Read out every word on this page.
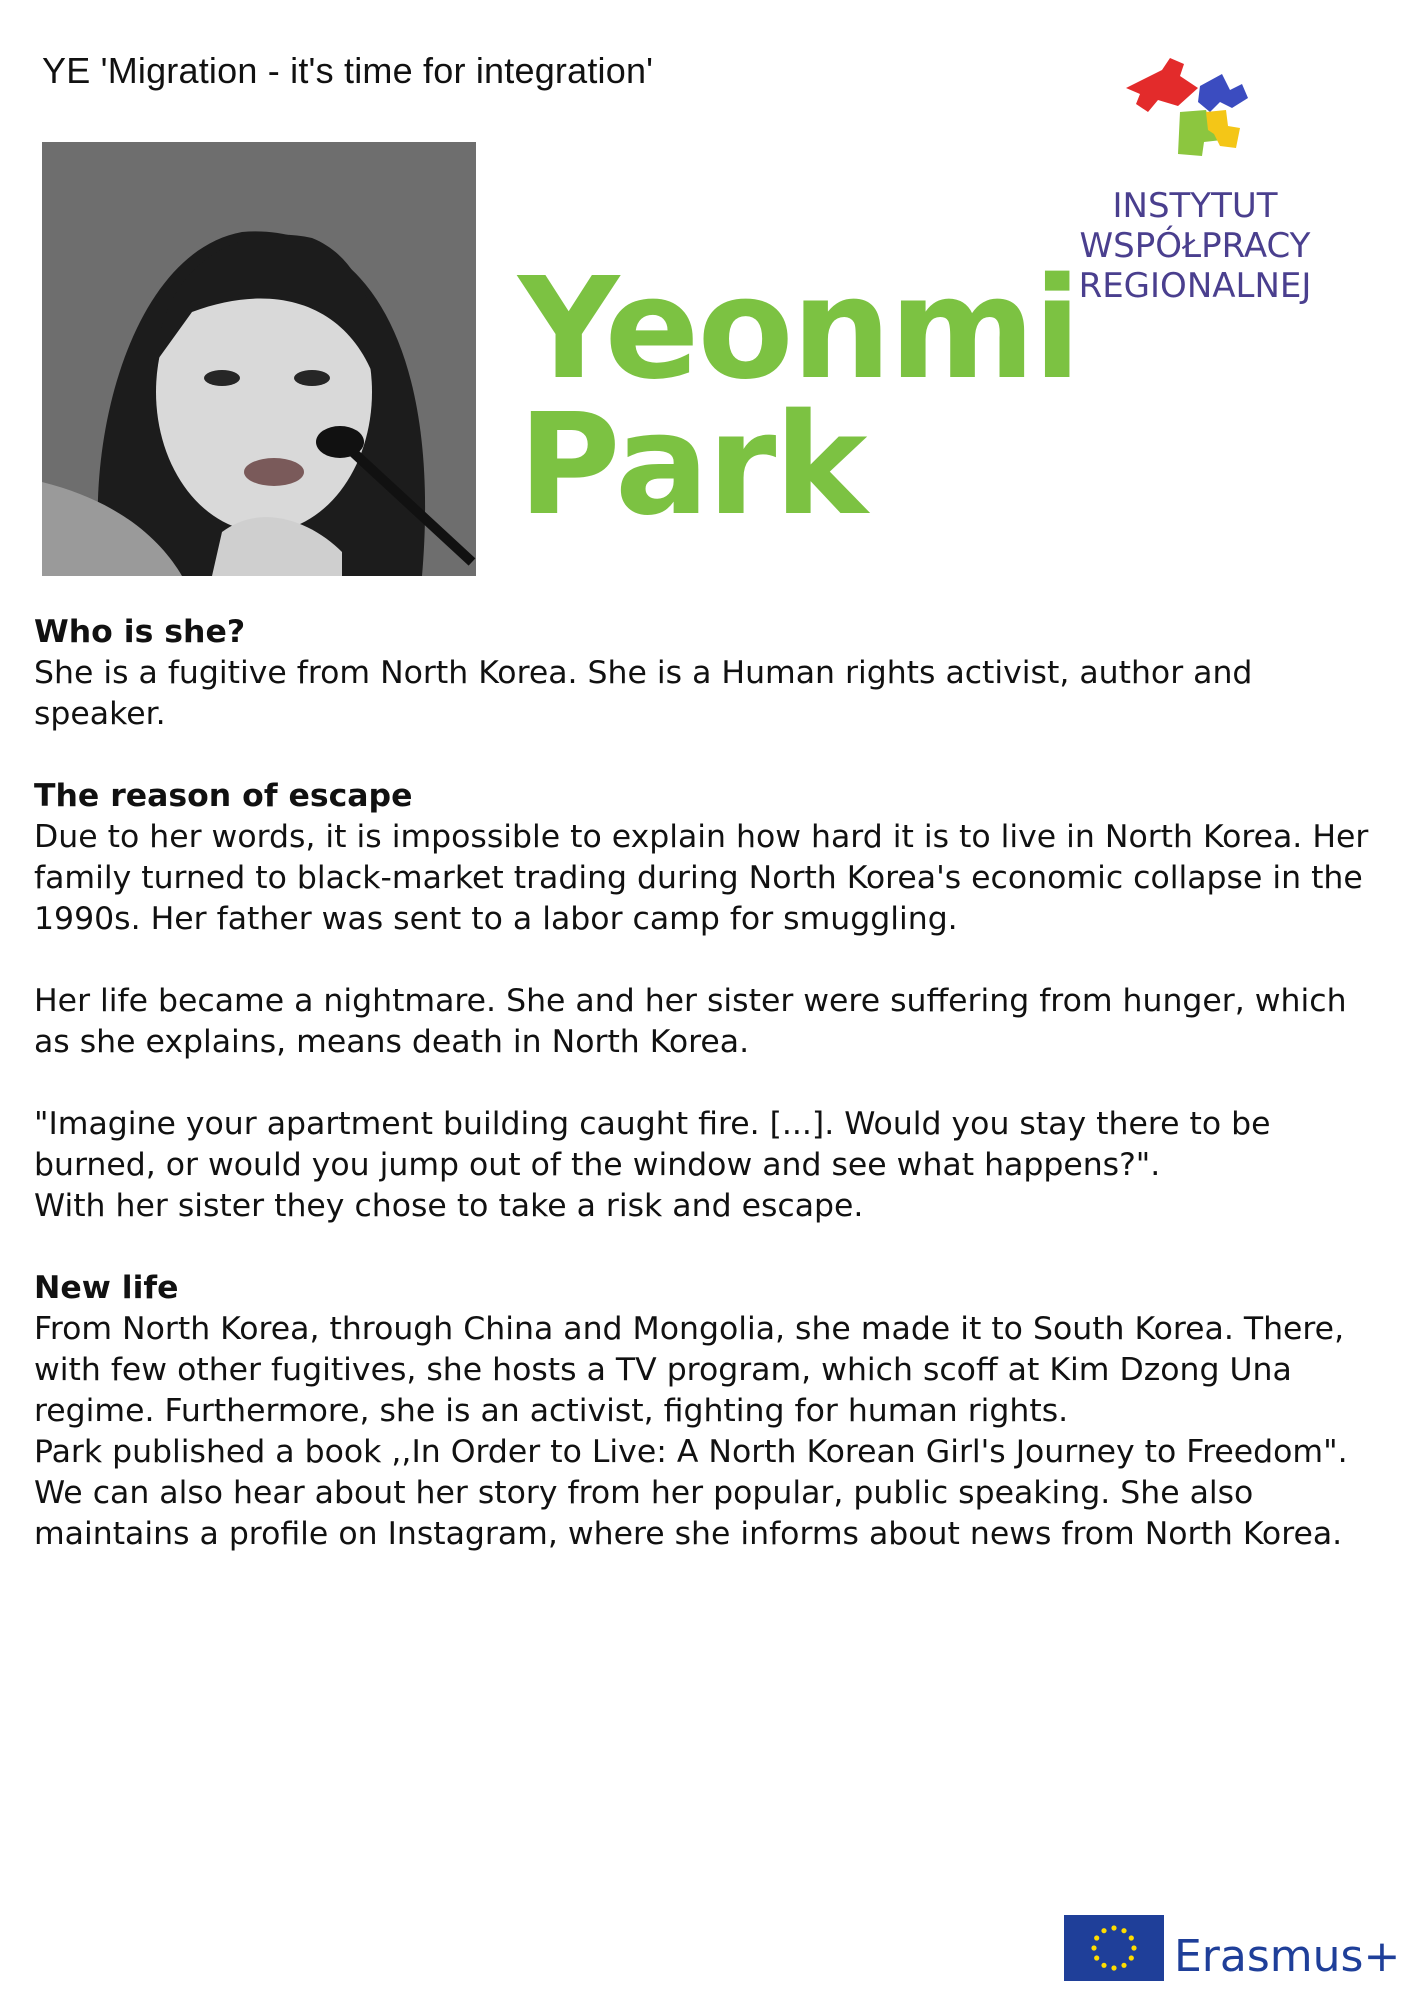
YE 'Migration - it's time for integration'
INSTYTUT WSPÓŁPRACY
REGIONALNEJ
Yeonmi
Park
Who is she?

She is a fugitive from North Korea. She is a Human rights activist, author and speaker.

The reason of escape

Due to her words, it is impossible to explain how hard it is to live in North Korea. Her family turned to black-market trading during North Korea's economic collapse in the 1990s. Her father was sent to a labor camp for smuggling.

Her life became a nightmare. She and her sister were suffering from hunger, which as she explains, means death in North Korea.

"Imagine your apartment building caught fire. [...]. Would you stay there to be burned, or would you jump out of the window and see what happens?".

With her sister they chose to take a risk and escape.

New life

From North Korea, through China and Mongolia, she made it to South Korea. There, with few other fugitives, she hosts a TV program, which scoff at Kim Dzong Una regime. Furthermore, she is an activist, fighting for human rights.

Park published a book ,,In Order to Live: A North Korean Girl's Journey to Freedom". We can also hear about her story from her popular, public speaking. She also maintains a profile on Instagram, where she informs about news from North Korea.

Erasmus+
